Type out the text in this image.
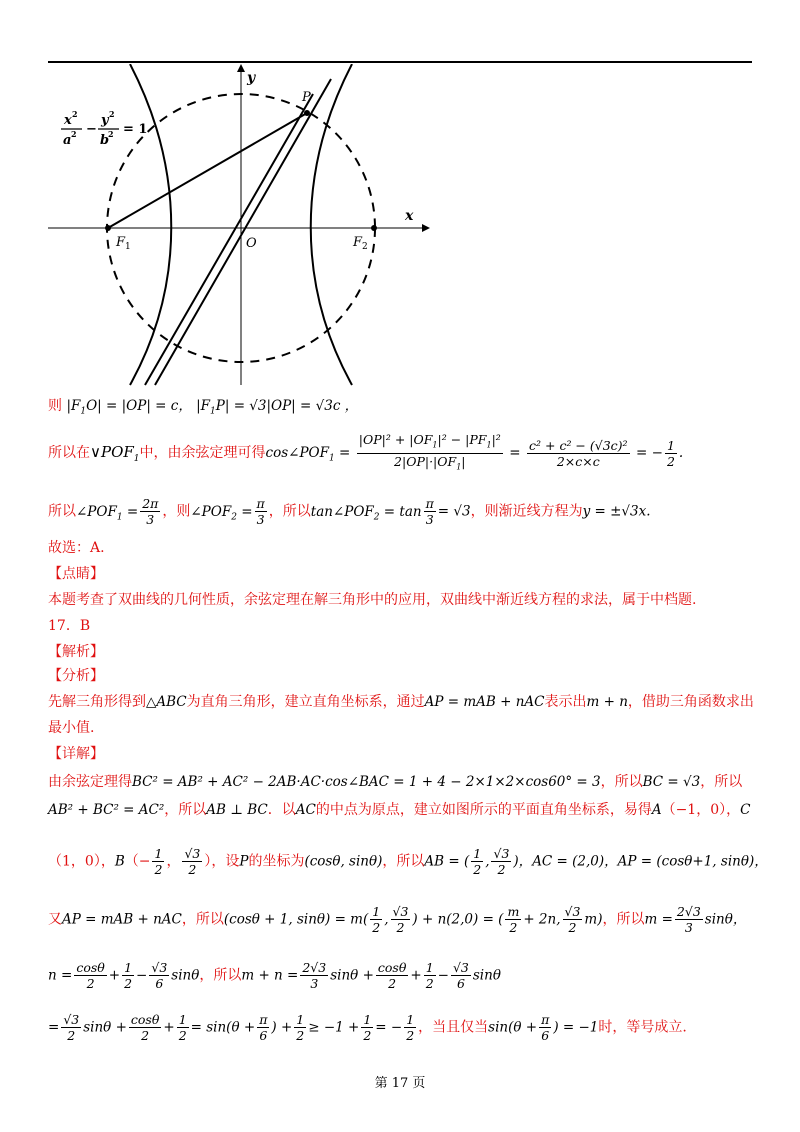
y
x
P
O
F 1	F 2
x 2
a 2 −
y 2
b
2 = 1
则 $|F_1O| = |OP| = c$， $|F_1P| = √3|OP| = √3c$ ，
所以在$\vee POF_1$中，由余弦定理可得$\cos\angle POF_1 = \frac{|OP|^2 + |OF_1|^2 - |PF_1|^2}{2|OP|\cdot|OF_1|} = \frac{\text{c² + c² − (√3c)²}}{2\times c\times c}$ = − $\frac{1}{2}$ .
所以$\angle POF_1 = \frac{2\pi}{3}$ ，则$\angle POF_2 = \frac{\pi}{3}$ ，所以$\tan\angle POF_2 = \tan \frac{\pi}{3} = √3$，则渐近线方程为y = ±√3x.
故选：A.
【点睛】
本题考查了双曲线的几何性质，余弦定理在解三角形中的应用，双曲线中渐近线方程的求法，属于中档题.
17．B
【解析】
【分析】
先解三角形得到△ABC为直角三角形，建立直角坐标系，通过AP = mAB + nAC表示出m + n，借助三角函数求出
最小值.
【详解】
由余弦定理得BC² = AB² + AC² − 2AB·AC·cos∠BAC = 1 + 4 − 2×1×2×cos60° = 3，所以BC = √3，所以
AB² + BC² = AC²，所以AB ⊥ BC．以AC的中点为原点，建立如图所示的平面直角坐标系，易得A（−1，0），C
（1，0），$B(- \frac{1}{2}$ ， $\frac{√3}{2}$ ），设P的坐标为(cosθ, sinθ)，所以AB = ( $\frac{1}{2}$ , $\frac{√3}{2}$ )，AC = (2,0)，AP = (cosθ+1, sinθ)，
又AP = mAB + nAC，所以(cosθ + 1, $\sin\theta) = m( \frac{1}{2}$ , $\frac{√3}{2}$ ) + n(2,0) = ( $\frac{m}{2} + 2n$, $\frac{√3}{2} m$)，所以$m = \frac{2√3}{3}$ sinθ，
$n = \frac{\cos\theta}{2} + \frac{1}{2} - \frac{√3}{6}$ sinθ，所以$m + n = \frac{2√3}{3}$ $\sin\theta + \frac{\cos\theta}{2} + \frac{1}{2} - \frac{√3}{6}$ sinθ
= $\frac{√3}{2}$ $\sin\theta + \frac{\cos\theta}{2} + \frac{1}{2} = \sin(\theta + \frac{\pi}{6}$ ) + $\frac{1}{2} \ge -1 + \frac{1}{2}$ = − $\frac{1}{2}$ ，当且仅当$\sin(\theta + \frac{\pi}{6}$ ) = −1时，等号成立.
第 17 页
